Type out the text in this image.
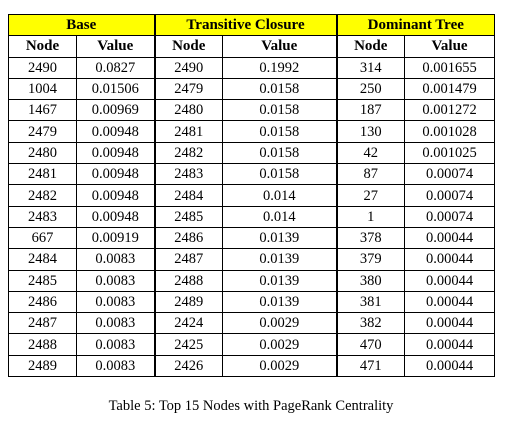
Base		Transitive Closure		Dominant Tree	
Node	Value	Node	Value	Node	Value
2490	0.0827	2490	0.1992	314	0.001655
1004	0.01506	2479	0.0158	250	0.001479
1467	0.00969	2480	0.0158	187	0.001272
2479	0.00948	2481	0.0158	130	0.001028
2480	0.00948	2482	0.0158	42	0.001025
2481	0.00948	2483	0.0158	87	0.00074
2482	0.00948	2484	0.014	27	0.00074
2483	0.00948	2485	0.014	1	0.00074
667	0.00919	2486	0.0139	378	0.00044
2484	0.0083	2487	0.0139	379	0.00044
2485	0.0083	2488	0.0139	380	0.00044
2486	0.0083	2489	0.0139	381	0.00044
2487	0.0083	2424	0.0029	382	0.00044
2488	0.0083	2425	0.0029	470	0.00044
2489	0.0083	2426	0.0029	471	0.00044
Table 5: Top 15 Nodes with PageRank Centrality
